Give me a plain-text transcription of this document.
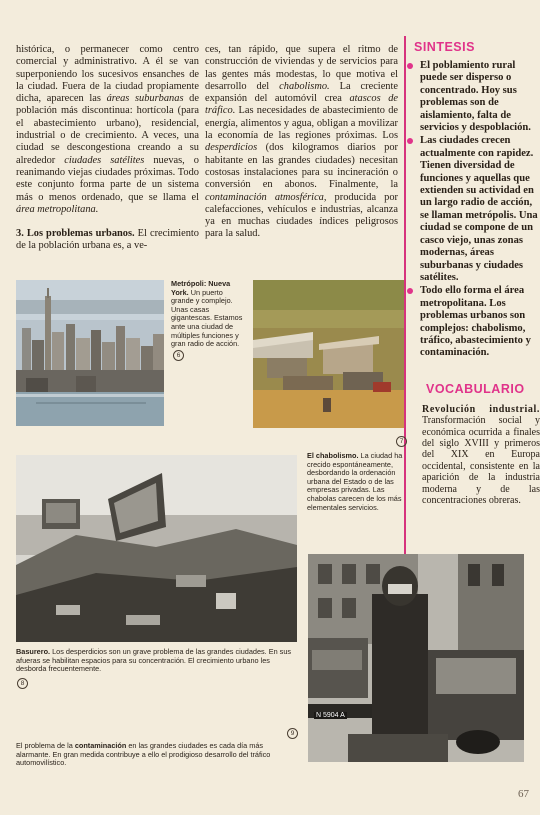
histórica, o permanecer como centro comercial y administrativo. A él se van superponiendo los sucesivos ensanches de la ciudad. Fuera de la ciudad propiamente dicha, aparecen las áreas suburbanas de población más discontinua: hortícola (para el abastecimiento urbano), residencial, industrial o de crecimiento. A veces, una ciudad se descongestiona creando a su alrededor ciudades satélites nuevas, o reanimando viejas ciudades próximas. Todo este conjunto forma parte de un sistema más o menos ordenado, que se llama el área metropolitana.

3. Los problemas urbanos. El crecimiento de la población urbana es, a ve-

ces, tan rápido, que supera el ritmo de construcción de viviendas y de servicios para las gentes más modestas, lo que motiva el desarrollo del chabolismo. La creciente expansión del automóvil crea atascos de tráfico. Las necesidades de abastecimiento de energía, alimentos y agua, obligan a movilizar la economía de las regiones próximas. Los desperdicios (dos kilogramos diarios por habitante en las grandes ciudades) necesitan costosas instalaciones para su incineración o conversión en abonos. Finalmente, la contaminación atmosférica, producida por calefacciones, vehículos e industrias, alcanza ya en muchas ciudades índices peligrosos para la salud.

SINTESIS
El poblamiento rural puede ser disperso o concentrado. Hoy sus problemas son de aislamiento, falta de servicios y despoblación.
Las ciudades crecen actualmente con rapidez. Tienen diversidad de funciones y aquellas que extienden su actividad en un largo radio de acción, se llaman metrópolis. Una ciudad se compone de un casco viejo, unas zonas modernas, áreas suburbanas y ciudades satélites.
Todo ello forma el área metropolitana. Los problemas urbanos son complejos: chabolismo, tráfico, abastecimiento y contaminación.
VOCABULARIO
Revolución industrial. Transformación social y económica ocurrida a finales del siglo XVIII y primeros del XIX en Europa occidental, consistente en la aparición de la industria moderna y de las concentraciones obreras.
Metrópoli: Nueva York. Un puerto grande y complejo. Unas casas gigantescas. Estamos ante una ciudad de múltiples funciones y gran radio de acción.
6
7
El chabolismo. La ciudad ha crecido espontáneamente, desbordando la ordenación urbana del Estado o de las empresas privadas. Las chabolas carecen de los más elementales servicios.
Basurero. Los desperdicios son un grave problema de las grandes ciudades. En sus afueras se habilitan espacios para su concentración. El crecimiento urbano les desborda frecuentemente.
8
N 5904 A
9
El problema de la contaminación en las grandes ciudades es cada día más alarmante. En gran medida contribuye a ello el prodigioso desarrollo del tráfico automovilístico.
67
